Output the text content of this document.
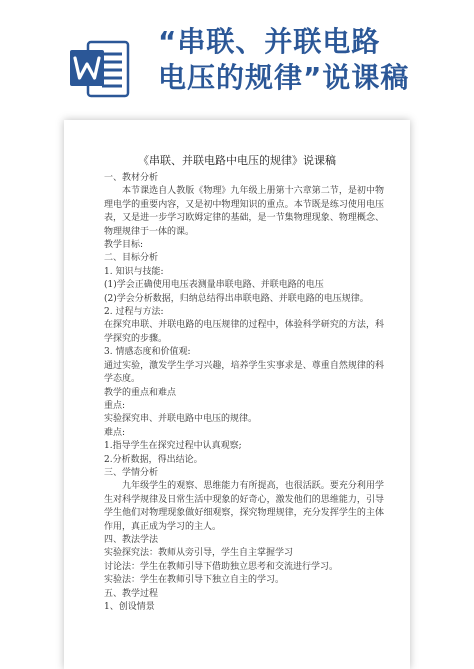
“串联、并联电路
电压的规律”说课稿
《串联、并联电路中电压的规律》说课稿

一、教材分析

本节课选自人教版《物理》九年级上册第十六章第二节，是初中物理电学的重要内容，又是初中物理知识的重点。本节既是练习使用电压表，又是进一步学习欧姆定律的基础，是一节集物理现象、物理概念、物理规律于一体的课。

教学目标:

二、目标分析

1. 知识与技能:

(1)学会正确使用电压表测量串联电路、并联电路的电压

(2)学会分析数据，归纳总结得出串联电路、并联电路的电压规律。

2. 过程与方法:

在探究串联、并联电路的电压规律的过程中，体验科学研究的方法，科学探究的步骤。

3. 情感态度和价值观:

通过实验，激发学生学习兴趣，培养学生实事求是、尊重自然规律的科学态度。

教学的重点和难点

重点:

实验探究串、并联电路中电压的规律。

难点:

1.指导学生在探究过程中认真观察;

2.分析数据，得出结论。

三、学情分析

九年级学生的观察、思维能力有所提高，也很活跃。要充分利用学生对科学规律及日常生活中现象的好奇心，激发他们的思维能力，引导学生他们对物理现象做好细观察，探究物理规律，充分发挥学生的主体作用，真正成为学习的主人。

四、教法学法

实验探究法：教师从旁引导，学生自主掌握学习

讨论法：学生在教师引导下借助独立思考和交流进行学习。

实验法：学生在教师引导下独立自主的学习。

五、教学过程

1、创设情景
